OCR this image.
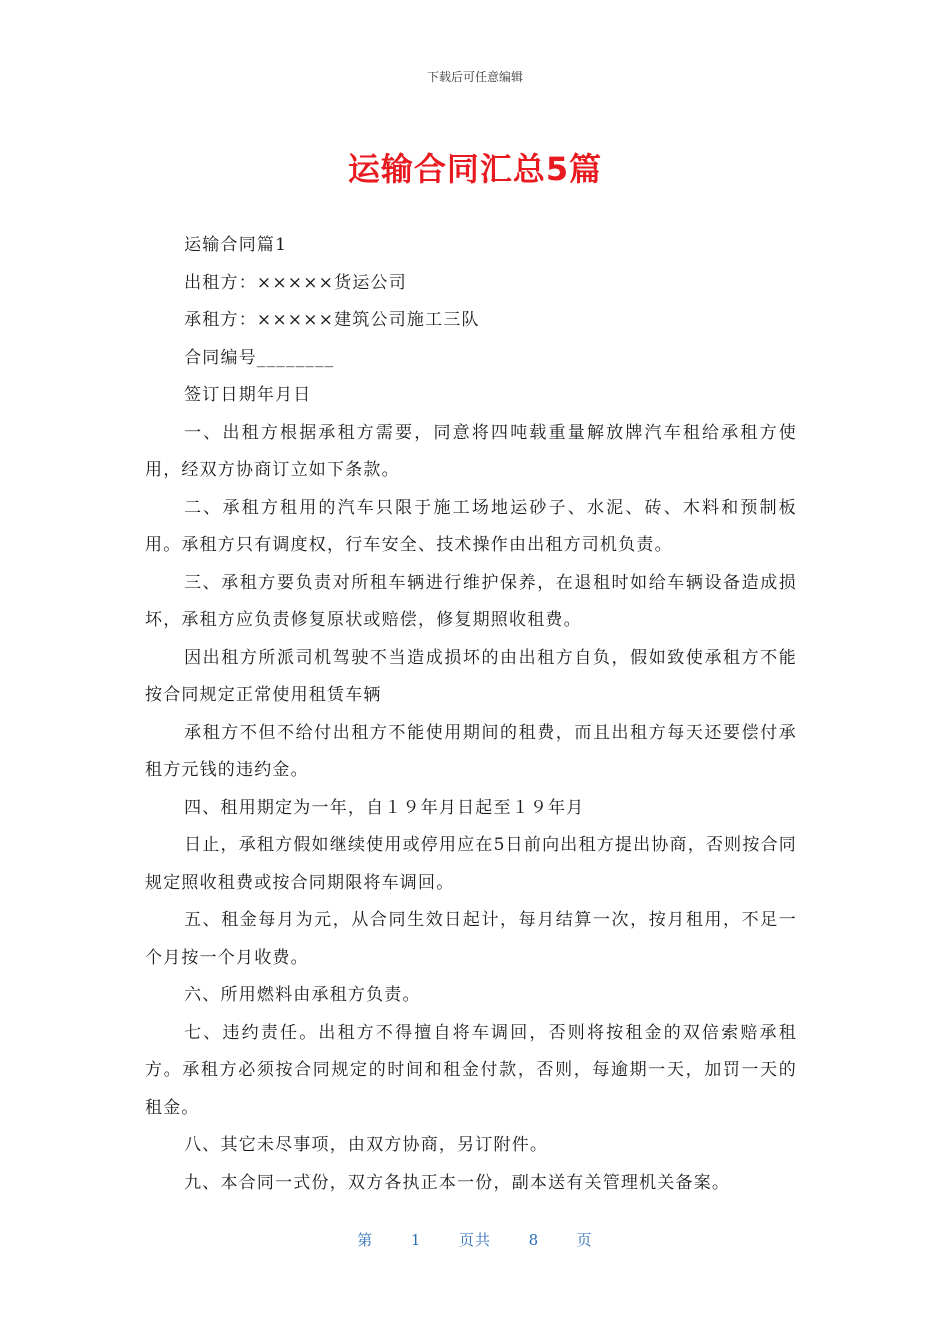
下载后可任意编辑
运输合同汇总5篇

运输合同篇1

出租方：×××××货运公司

承租方：×××××建筑公司施工三队

合同编号________

签订日期年月日

一、出租方根据承租方需要，同意将四吨载重量解放牌汽车租给承租方使用，经双方协商订立如下条款。

二、承租方租用的汽车只限于施工场地运砂子、水泥、砖、木料和预制板用。承租方只有调度权，行车安全、技术操作由出租方司机负责。

三、承租方要负责对所租车辆进行维护保养，在退租时如给车辆设备造成损坏，承租方应负责修复原状或赔偿，修复期照收租费。

因出租方所派司机驾驶不当造成损坏的由出租方自负，假如致使承租方不能按合同规定正常使用租赁车辆

承租方不但不给付出租方不能使用期间的租费，而且出租方每天还要偿付承租方元钱的违约金。

四、租用期定为一年，自１９年月日起至１９年月

日止，承租方假如继续使用或停用应在5日前向出租方提出协商，否则按合同规定照收租费或按合同期限将车调回。

五、租金每月为元，从合同生效日起计，每月结算一次，按月租用，不足一个月按一个月收费。

六、所用燃料由承租方负责。

七、违约责任。出租方不得擅自将车调回，否则将按租金的双倍索赔承租方。承租方必须按合同规定的时间和租金付款，否则，每逾期一天，加罚一天的租金。

八、其它未尽事项，由双方协商，另订附件。

九、本合同一式份，双方各执正本一份，副本送有关管理机关备案。

第	1	页共	8	页
